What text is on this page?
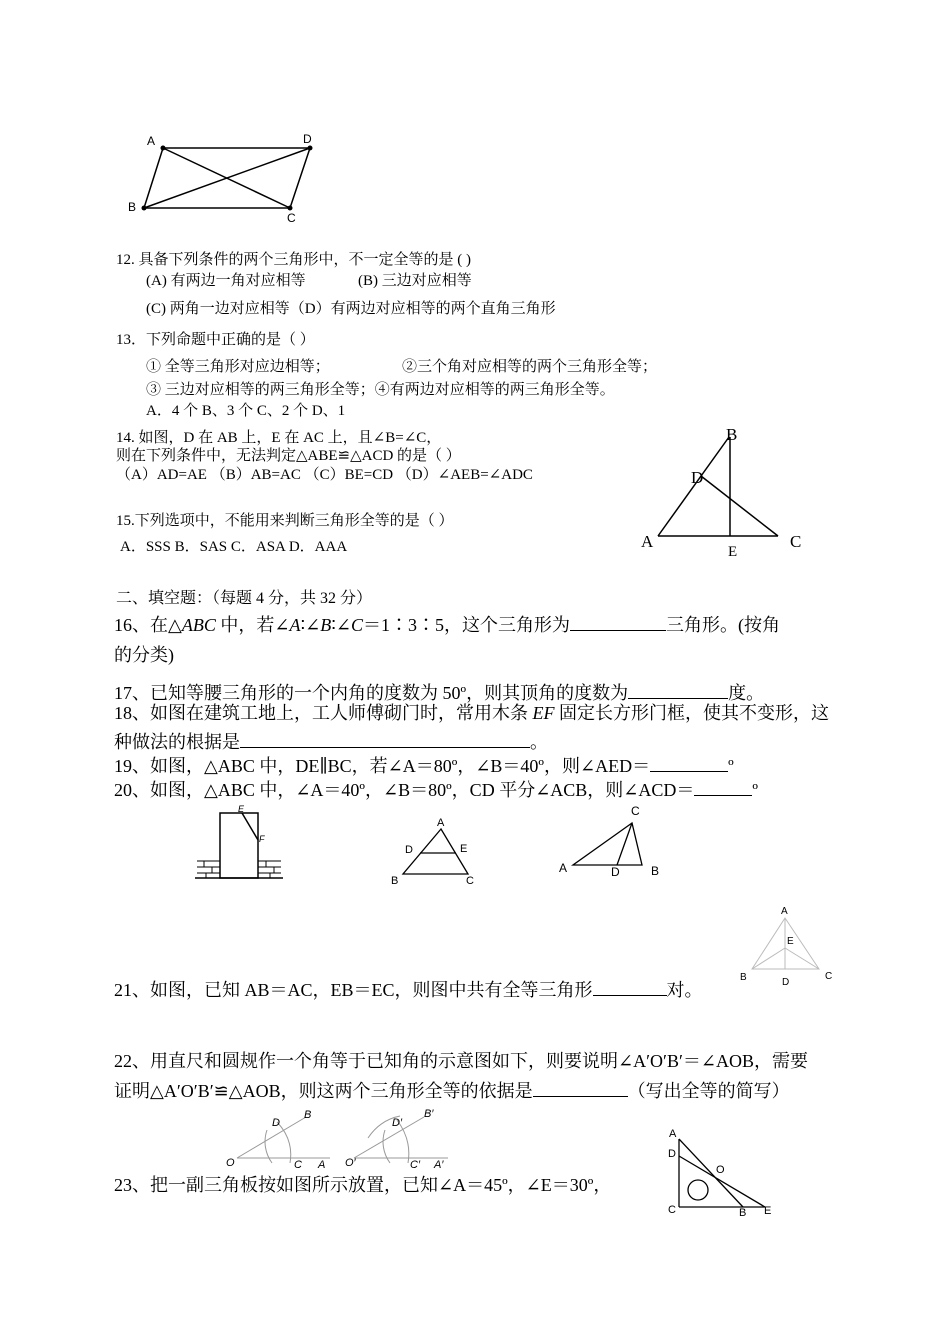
A	D
B
C
B
D
A	C
E
E
F
A
D	E
B	C
C
A	D	B
A
E
B	D
C
D
B
O	C A
D′
B′
O′	C′ A′
A
D
O
C	B E
12. 具备下列条件的两个三角形中，不一定全等的是 ( )
(A) 有两边一角对应相等	(B) 三边对应相等
(C) 两角一边对应相等（D）有两边对应相等的两个直角三角形
13．下列命题中正确的是（ ）
① 全等三角形对应边相等；	②三个角对应相等的两个三角形全等；
③ 三边对应相等的两三角形全等；④有两边对应相等的两三角形全等。
A．4 个 B、3 个 C、2 个 D、1
14. 如图，D 在 AB 上，E 在 AC 上，且∠B=∠C，
则在下列条件中，无法判定△ABE≌△ACD 的是（ ）
（A）AD=AE （B）AB=AC （C）BE=CD （D）∠AEB=∠ADC
15.下列选项中，不能用来判断三角形全等的是（ ）
A．SSS B．SAS C．ASA D．AAA
二、填空题：（每题 4 分，共 32 分）
16、在△ABC 中，若∠A∶∠B∶∠C＝1∶3∶5，这个三角形为	三角形。(按角
的分类)
17、已知等腰三角形的一个内角的度数为 50º，则其顶角的度数为	度。
18、如图在建筑工地上，工人师傅砌门时，常用木条 EF 固定长方形门框，使其不变形，这
种做法的根据是	。
19、如图，△ABC 中，DE∥BC，若∠A＝80º，∠B＝40º，则∠AED＝	º
20、如图，△ABC 中，∠A＝40º，∠B＝80º，CD 平分∠ACB，则∠ACD＝	º
21、如图，已知 AB＝AC，EB＝EC，则图中共有全等三角形	对。
22、用直尺和圆规作一个角等于已知角的示意图如下，则要说明∠A′O′B′＝∠AOB，需要
证明△A′O′B′≌△AOB，则这两个三角形全等的依据是	（写出全等的简写）
23、把一副三角板按如图所示放置，已知∠A＝45º，∠E＝30º，
